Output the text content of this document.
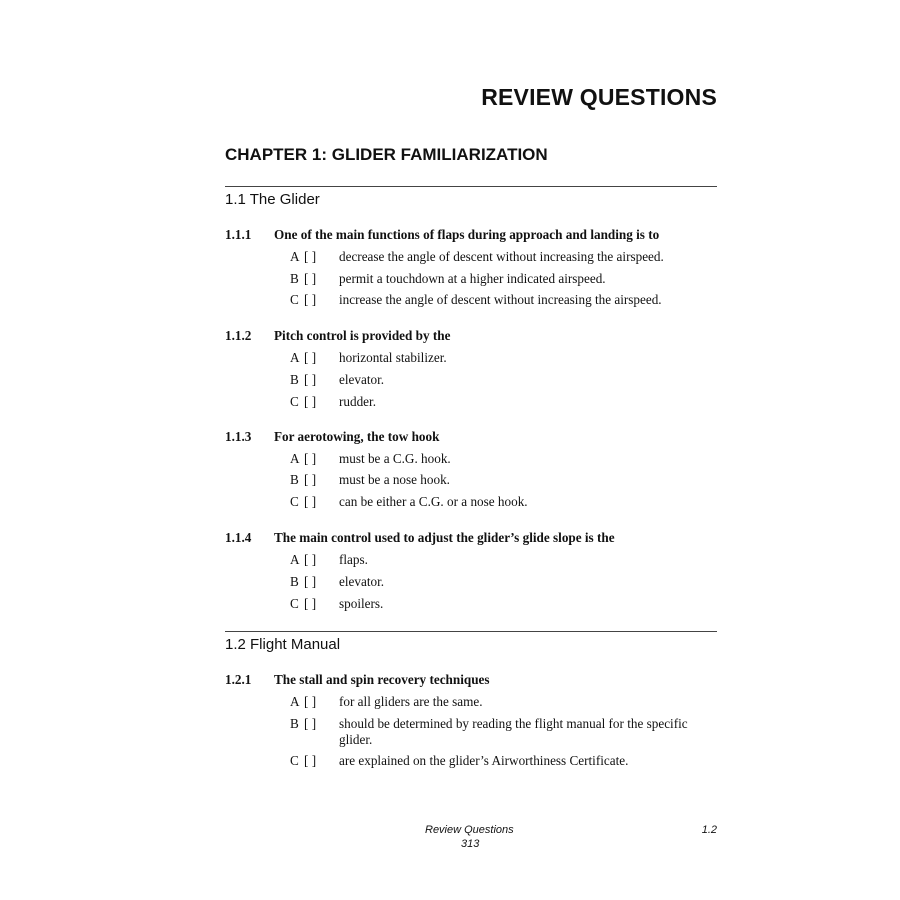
REVIEW QUESTIONS
CHAPTER 1: GLIDER FAMILIARIZATION
1.1 The Glider
1.1.1 One of the main functions of flaps during approach and landing is to
A [ ] decrease the angle of descent without increasing the airspeed.
B [ ] permit a touchdown at a higher indicated airspeed.
C [ ] increase the angle of descent without increasing the airspeed.
1.1.2 Pitch control is provided by the
A [ ] horizontal stabilizer.
B [ ] elevator.
C [ ] rudder.
1.1.3 For aerotowing, the tow hook
A [ ] must be a C.G. hook.
B [ ] must be a nose hook.
C [ ] can be either a C.G. or a nose hook.
1.1.4 The main control used to adjust the glider’s glide slope is the
A [ ] flaps.
B [ ] elevator.
C [ ] spoilers.
1.2 Flight Manual
1.2.1 The stall and spin recovery techniques
A [ ] for all gliders are the same.
B [ ] should be determined by reading the flight manual for the specific glider.
C [ ] are explained on the glider’s Airworthiness Certificate.
Review Questions	1.2
313
